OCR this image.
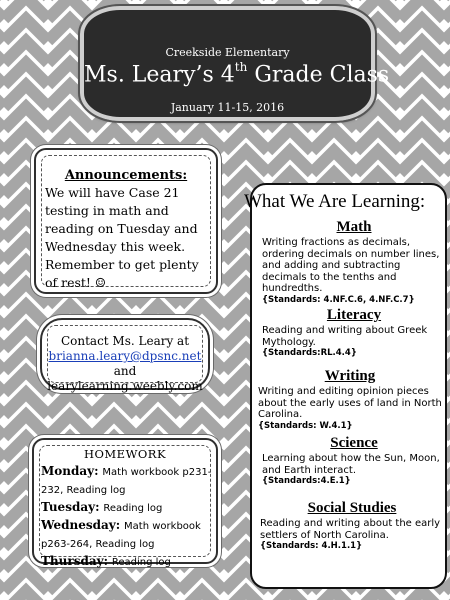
Creekside Elementary
Ms. Leary’s 4th Grade Class
January 11-15, 2016
Announcements:
We will have Case 21 testing in math and reading on Tuesday and Wednesday this week. Remember to get plenty of rest! ☺
Contact Ms. Leary at
brianna.leary@dpsnc.net
and learylearning.weebly.com
HOMEWORK
Monday: Math workbook p231-232, Reading log
Tuesday: Reading log
Wednesday: Math workbook p263-264, Reading log
Thursday: Reading log
What We Are Learning:
Math
Writing fractions as decimals, ordering decimals on number lines, and adding and subtracting decimals to the tenths and hundredths.
{Standards: 4.NF.C.6, 4.NF.C.7}
Literacy
Reading and writing about Greek Mythology.
{Standards:RL.4.4}
Writing
Writing and editing opinion pieces about the early uses of land in North Carolina.
{Standards: W.4.1}
Science
Learning about how the Sun, Moon, and Earth interact.
{Standards:4.E.1}
Social Studies
Reading and writing about the early settlers of North Carolina.
{Standards: 4.H.1.1}
